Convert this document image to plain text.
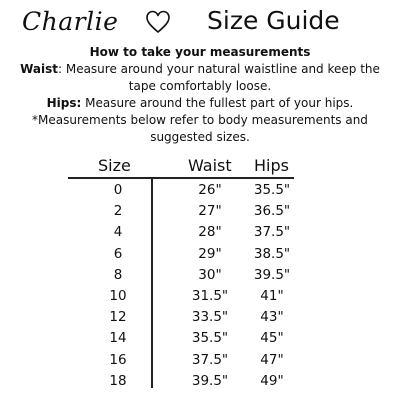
Charlie	Size Guide

How to take your measurements

Waist: Measure around your natural waistline and keep the tape comfortably loose.

Hips: Measure around the fullest part of your hips.

*Measurements below refer to body measurements and suggested sizes.

Size	Waist Hips
0	26"	35.5"
2	27"	36.5"
4	28"	37.5"
6	29"	38.5"
8	30"	39.5"
10	31.5"	41"
12	33.5"	43"
14	35.5"	45"
16	37.5"	47"
18	39.5"	49"
